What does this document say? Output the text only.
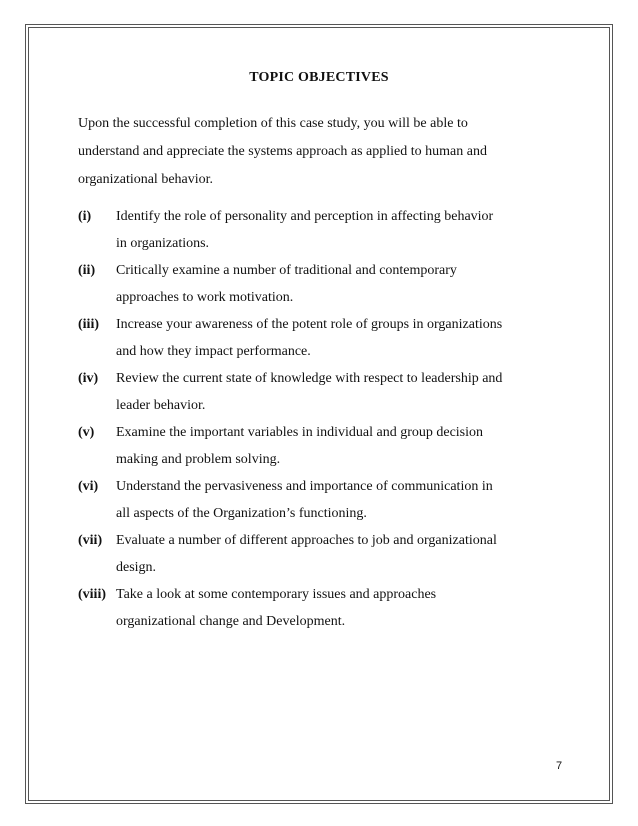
TOPIC OBJECTIVES
Upon the successful completion of this case study, you will be able to
understand and appreciate the systems approach as applied to human and
organizational behavior.
(i) Identify the role of personality and perception in affecting behavior
in organizations.
(ii) Critically examine a number of traditional and contemporary
approaches to work motivation.
(iii) Increase your awareness of the potent role of groups in organizations
and how they impact performance.
(iv) Review the current state of knowledge with respect to leadership and
leader behavior.
(v) Examine the important variables in individual and group decision
making and problem solving.
(vi) Understand the pervasiveness and importance of communication in
all aspects of the Organization’s functioning.
(vii) Evaluate a number of different approaches to job and organizational
design.
(viii) Take a look at some contemporary issues and approaches
organizational change and Development.
7
